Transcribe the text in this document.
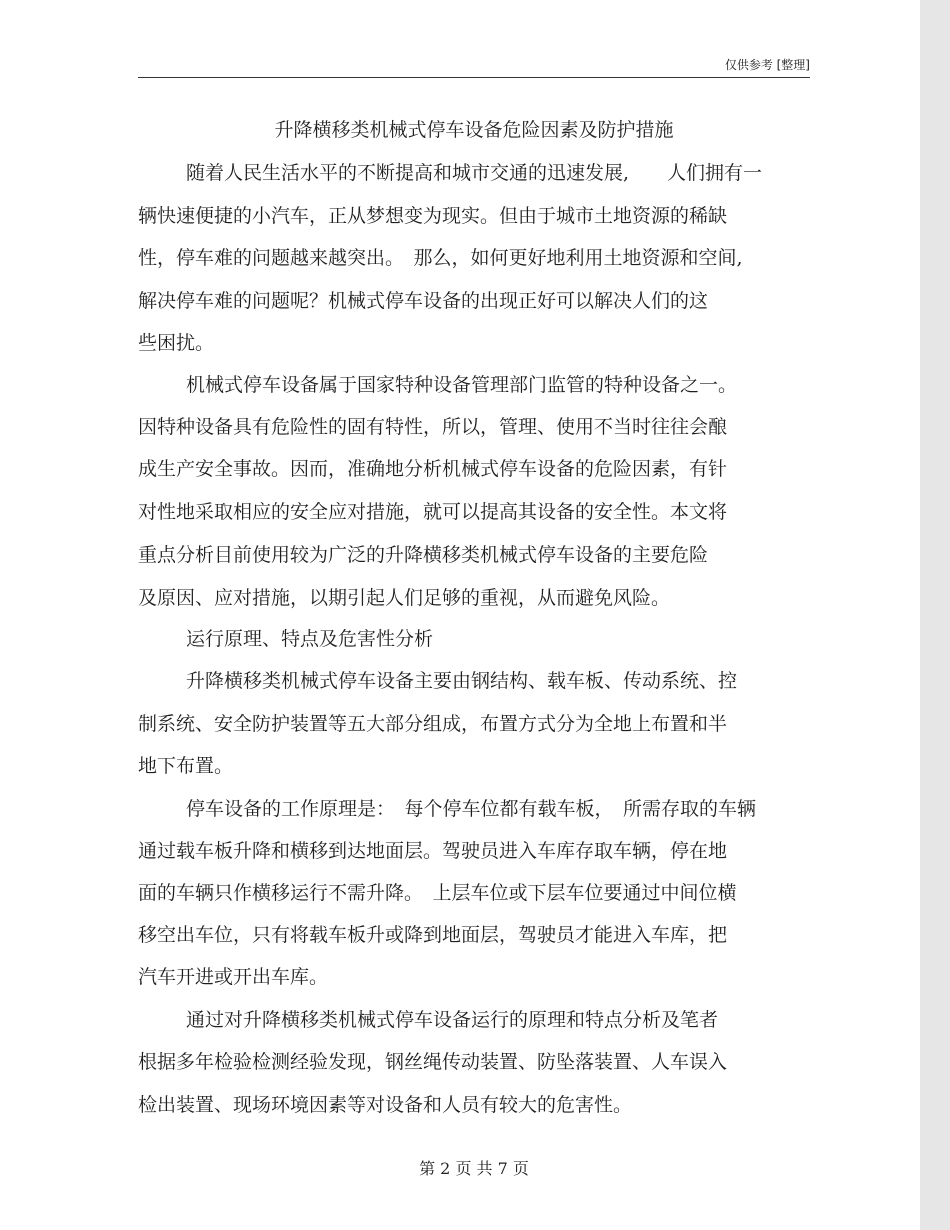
仅供参考 [整理]
升降横移类机械式停车设备危险因素及防护措施
随着人民生活水平的不断提高和城市交通的迅速发展,　　人们拥有一
辆快速便捷的小汽车，正从梦想变为现实。但由于城市土地资源的稀缺
性，停车难的问题越来越突出。　那么，如何更好地利用土地资源和空间,
解决停车难的问题呢？机械式停车设备的出现正好可以解决人们的这
些困扰。
机械式停车设备属于国家特种设备管理部门监管的特种设备之一。
因特种设备具有危险性的固有特性，所以，管理、使用不当时往往会酿
成生产安全事故。因而，准确地分析机械式停车设备的危险因素，有针
对性地采取相应的安全应对措施，就可以提高其设备的安全性。本文将
重点分析目前使用较为广泛的升降横移类机械式停车设备的主要危险
及原因、应对措施，以期引起人们足够的重视，从而避免风险。
运行原理、特点及危害性分析
升降横移类机械式停车设备主要由钢结构、载车板、传动系统、控
制系统、安全防护装置等五大部分组成，布置方式分为全地上布置和半
地下布置。
停车设备的工作原理是：　每个停车位都有载车板，　所需存取的车辆
通过载车板升降和横移到达地面层。驾驶员进入车库存取车辆，停在地
面的车辆只作横移运行不需升降。　上层车位或下层车位要通过中间位横
移空出车位，只有将载车板升或降到地面层，驾驶员才能进入车库，把
汽车开进或开出车库。
通过对升降横移类机械式停车设备运行的原理和特点分析及笔者
根据多年检验检测经验发现，钢丝绳传动装置、防坠落装置、人车误入
检出装置、现场环境因素等对设备和人员有较大的危害性。
第 2 页 共 7 页
